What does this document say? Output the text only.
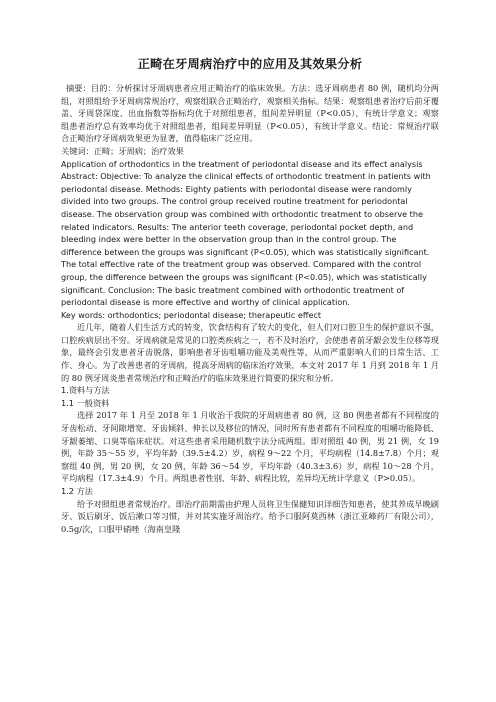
正畸在牙周病治疗中的应用及其效果分析

摘要：目的：分析探讨牙周病患者应用正畸治疗的临床效果。方法：选牙周病患者 80 例，随机均分两组，对照组给予牙周病常规治疗，观察组联合正畸治疗，观察相关指标。结果：观察组患者治疗后前牙覆盖、牙周袋深度、出血指数等指标均优于对照组患者，组间差异明显（P<0.05），有统计学意义；观察组患者治疗总有效率均优于对照组患者，组间差异明显（P<0.05），有统计学意义。结论：常规治疗联合正畸治疗牙周病效果更为显著，值得临床广泛应用。

关键词：正畸；牙周病；治疗效果

Application of orthodontics in the treatment of periodontal disease and its effect analysis

Abstract: Objective: To analyze the clinical effects of orthodontic treatment in patients with periodontal disease. Methods: Eighty patients with periodontal disease were randomly divided into two groups. The control group received routine treatment for periodontal disease. The observation group was combined with orthodontic treatment to observe the related indicators. Results: The anterior teeth coverage, periodontal pocket depth, and bleeding index were better in the observation group than in the control group. The difference between the groups was significant (P<0.05), which was statistically significant. The total effective rate of the treatment group was observed. Compared with the control group, the difference between the groups was significant (P<0.05), which was statistically significant. Conclusion: The basic treatment combined with orthodontic treatment of periodontal disease is more effective and worthy of clinical application.

Key words: orthodontics; periodontal disease; therapeutic effect

近几年，随着人们生活方式的转变，饮食结构有了较大的变化，但人们对口腔卫生的保护意识不强，口腔疾病层出不穷。牙周病就是常见的口腔类疾病之一，若不及时治疗，会使患者前牙龈会发生位移等现象，最终会引发患者牙齿脱落，影响患者牙齿咀嚼功能及美观性等，从而严重影响人们的日常生活、工作、身心。为了改善患者的牙周病，提高牙周病的临床治疗效果，本文对 2017 年 1 月到 2018 年 1 月的 80 例牙周炎患者常规治疗和正畸治疗的临床效果进行简要的探究和分析。

1.资料与方法

1.1 一般资料

选择 2017 年 1 月至 2018 年 1 月收治于我院的牙周病患者 80 例，这 80 例患者都有不同程度的牙齿松动、牙间隙增宽、牙齿倾斜、伸长以及移位的情况，同时所有患者都有不同程度的咀嚼功能降低、牙龈萎缩、口臭等临床症状。对这些患者采用随机数字法分成两组。即对照组 40 例，男 21 例，女 19 例，年龄 35～55 岁，平均年龄（39.5±4.2）岁，病程 9～22 个月，平均病程（14.8±7.8）个月；观察组 40 例，男 20 例，女 20 例，年龄 36～54 岁，平均年龄（40.3±3.6）岁，病程 10～28 个月，平均病程（17.3±4.9）个月。两组患者性别、年龄、病程比较，差异均无统计学意义（P>0.05）。

1.2 方法

给予对照组患者常规治疗。即治疗前期需由护理人员将卫生保健知识详细告知患者，使其养成早晚刷牙、饭后刷牙、饭后漱口等习惯，并对其实施牙周治疗。给予口服阿莫西林（浙江亚峰药厂有限公司），0.5g/次，口服甲硝唑（海南皇隆
